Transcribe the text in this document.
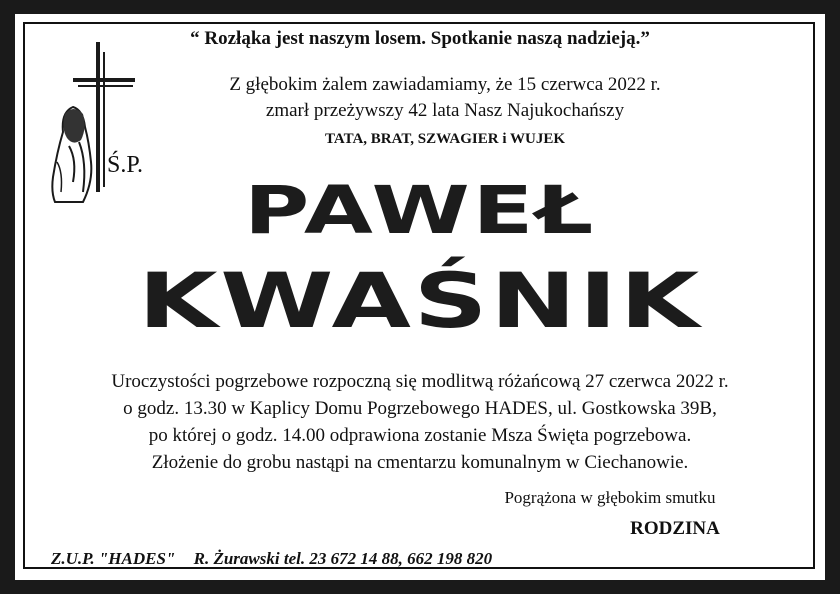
“ Rozłąka jest naszym losem. Spotkanie naszą nadzieją.”
Z głębokim żalem zawiadamiamy, że 15 czerwca 2022 r.
zmarł przeżywszy 42 lata Nasz Najukochańszy
TATA, BRAT, SZWAGIER i WUJEK
Ś.P.
PAWEŁ
KWAŚNIK
Uroczystości pogrzebowe rozpoczną się modlitwą różańcową 27 czerwca 2022 r.
o godz. 13.30 w Kaplicy Domu Pogrzebowego HADES, ul. Gostkowska 39B,
po której o godz. 14.00 odprawiona zostanie Msza Święta pogrzebowa.
Złożenie do grobu nastąpi na cmentarzu komunalnym w Ciechanowie.
Pogrążona w głębokim smutku
RODZINA
Z.U.P. "HADES" R. Żurawski tel. 23 672 14 88, 662 198 820
